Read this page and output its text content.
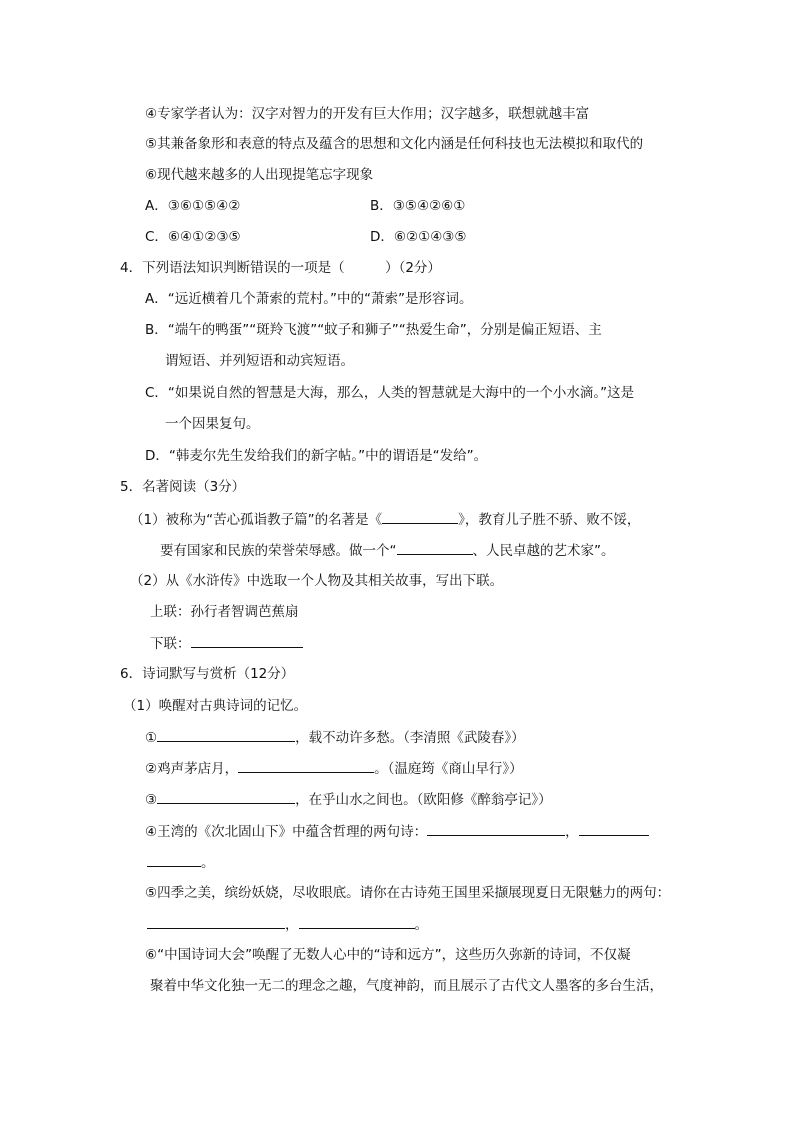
④专家学者认为：汉字对智力的开发有巨大作用；汉字越多，联想就越丰富
⑤其兼备象形和表意的特点及蕴含的思想和文化内涵是任何科技也无法模拟和取代的
⑥现代越来越多的人出现提笔忘字现象
A．③⑥①⑤④②	B．③⑤④②⑥①
C．⑥④①②③⑤	D．⑥②①④③⑤
4．下列语法知识判断错误的一项是（　　　）（2分）
A．“远近横着几个萧索的荒村。”中的“萧索”是形容词。
B．“端午的鸭蛋”“斑羚飞渡”“蚊子和狮子”“热爱生命”，分别是偏正短语、主
谓短语、并列短语和动宾短语。
C．“如果说自然的智慧是大海，那么，人类的智慧就是大海中的一个小水滴。”这是
一个因果复句。
D．“韩麦尔先生发给我们的新字帖。”中的谓语是“发给”。
5．名著阅读（3分）
（1）被称为“苦心孤诣教子篇”的名著是《	》，教育儿子胜不骄、败不馁，
要有国家和民族的荣誉荣辱感。做一个“	、人民卓越的艺术家”。
（2）从《水浒传》中选取一个人物及其相关故事，写出下联。
上联：孙行者智调芭蕉扇
下联：
6．诗词默写与赏析（12分）
（1）唤醒对古典诗词的记忆。
①	，载不动许多愁。（李清照《武陵春》）
②鸡声茅店月，	。（温庭筠《商山早行》）
③	，在乎山水之间也。（欧阳修《醉翁亭记》）
④王湾的《次北固山下》中蕴含哲理的两句诗：	，
。
⑤四季之美，缤纷妖娆，尽收眼底。请你在古诗苑王国里采撷展现夏日无限魅力的两句：
，	。
⑥“中国诗词大会”唤醒了无数人心中的“诗和远方”，这些历久弥新的诗词，不仅凝
聚着中华文化独一无二的理念之趣，气度神韵，而且展示了古代文人墨客的多台生活，
